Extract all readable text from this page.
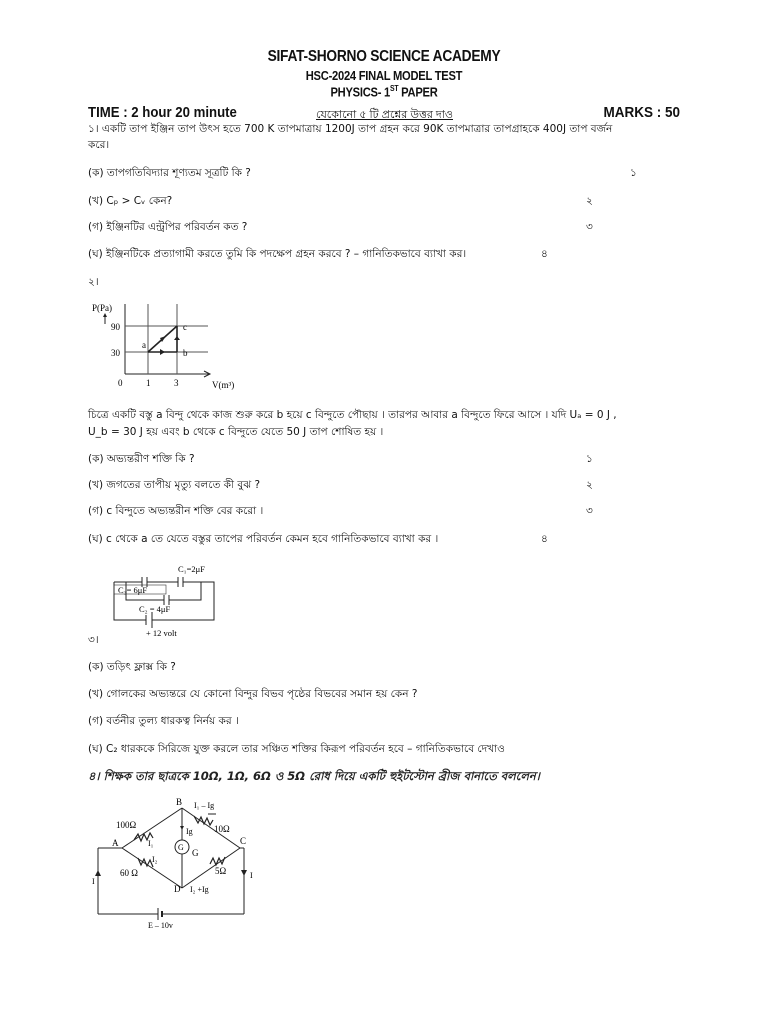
SIFAT-SHORNO SCIENCE ACADEMY
HSC-2024 FINAL MODEL TEST
PHYSICS- 1ST PAPER
TIME : 2 hour 20 minute	যেকোনো ৫ টি প্রশ্নের উত্তর দাও	MARKS : 50
১। একটি তাপ ইঞ্জিন তাপ উৎস হতে 700 K তাপমাত্রায় 1200J তাপ গ্রহন করে 90K তাপমাত্রার তাপগ্রাহকে 400J তাপ বর্জন
করে।
(ক) তাপগতিবিদ্যার শূণ্যতম সূত্রটি কি ?	১
(খ) Cₚ > Cᵥ কেন?	২
(গ) ইঞ্জিনটির এন্ট্রপির পরিবর্তন কত ?	৩
(ঘ) ইঞ্জিনটিকে প্রত্যাগামী করতে তুমি কি পদক্ষেপ গ্রহন করবে ? – গানিতিকভাবে ব্যাখা কর।	৪
২।
P(Pa)
90
30
0	1	3	V(m³)
a
b
c
চিত্রে একটি বস্তু a বিন্দু থেকে কাজ শুরু করে b হয়ে c বিন্দুতে পৌছায় । তারপর আবার a বিন্দুতে ফিরে আসে । যদি Uₐ = 0 J ,
U_b = 30 J হয় এবং b থেকে c বিন্দুতে যেতে 50 J তাপ শোষিত হয় ।
(ক) অভ্যন্তরীণ শক্তি কি ?	১
(খ) জগতের তাপীয় মৃত্যু বলতে কী বুঝ ?	২
(গ) c বিন্দুতে অভ্যন্তরীন শক্তি বের করো ।	৩
(ঘ) c থেকে a তে যেতে বস্তুর তাপের পরিবর্তন কেমন হবে গানিতিকভাবে ব্যাখা কর ।	৪
C₁=2μF
C₃= 6μF
C₂ = 4μF
+ 12 volt
৩।
(ক) তড়িৎ ফ্লাক্স কি ?
(খ) গোলকের অভ্যন্তরে যে কোনো বিন্দুর বিভব পৃষ্ঠের বিভবের সমান হয় কেন ?
(গ) বর্তনীর তুল্য ধারকত্ব নির্নয় কর ।
(ঘ) C₂ ধারককে সিরিজে যুক্ত করলে তার সঞ্চিত শক্তির কিরূপ পরিবর্তন হবে – গানিতিকভাবে দেখাও
৪। শিক্ষক তার ছাত্রকে 10Ω, 1Ω, 6Ω ও 5Ω রোধ দিয়ে একটি হুইটস্টোন ব্রীজ বানাতে বললেন।
G
B
A	C
D
G
100Ω	10Ω
60 Ω	5Ω
I₁
I₂
Ig
I₁ – Ig
I₂ +Ig
I
I
E – 10v
